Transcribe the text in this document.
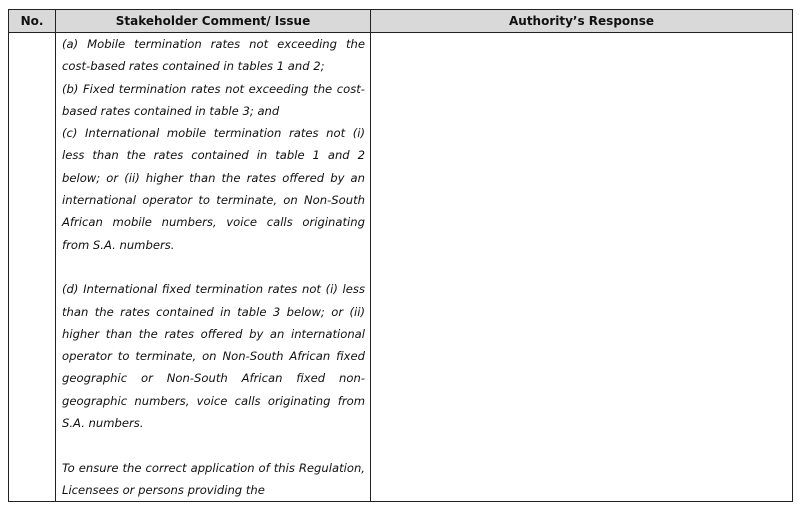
No.	Stakeholder Comment/ Issue	Authority’s Response

	(a) Mobile termination rates not exceeding the cost-based rates contained in tables 1 and 2;

(b) Fixed termination rates not exceeding the cost-based rates contained in table 3; and

(c) International mobile termination rates not (i) less than the rates contained in table 1 and 2 below; or (ii) higher than the rates offered by an international operator to terminate, on Non-South African mobile numbers, voice calls originating from S.A. numbers.

(d) International fixed termination rates not (i) less than the rates contained in table 3 below; or (ii) higher than the rates offered by an international operator to terminate, on Non-South African fixed geographic or Non-South African fixed non-geographic numbers, voice calls originating from S.A. numbers.

To ensure the correct application of this Regulation, Licensees or persons providing the	
